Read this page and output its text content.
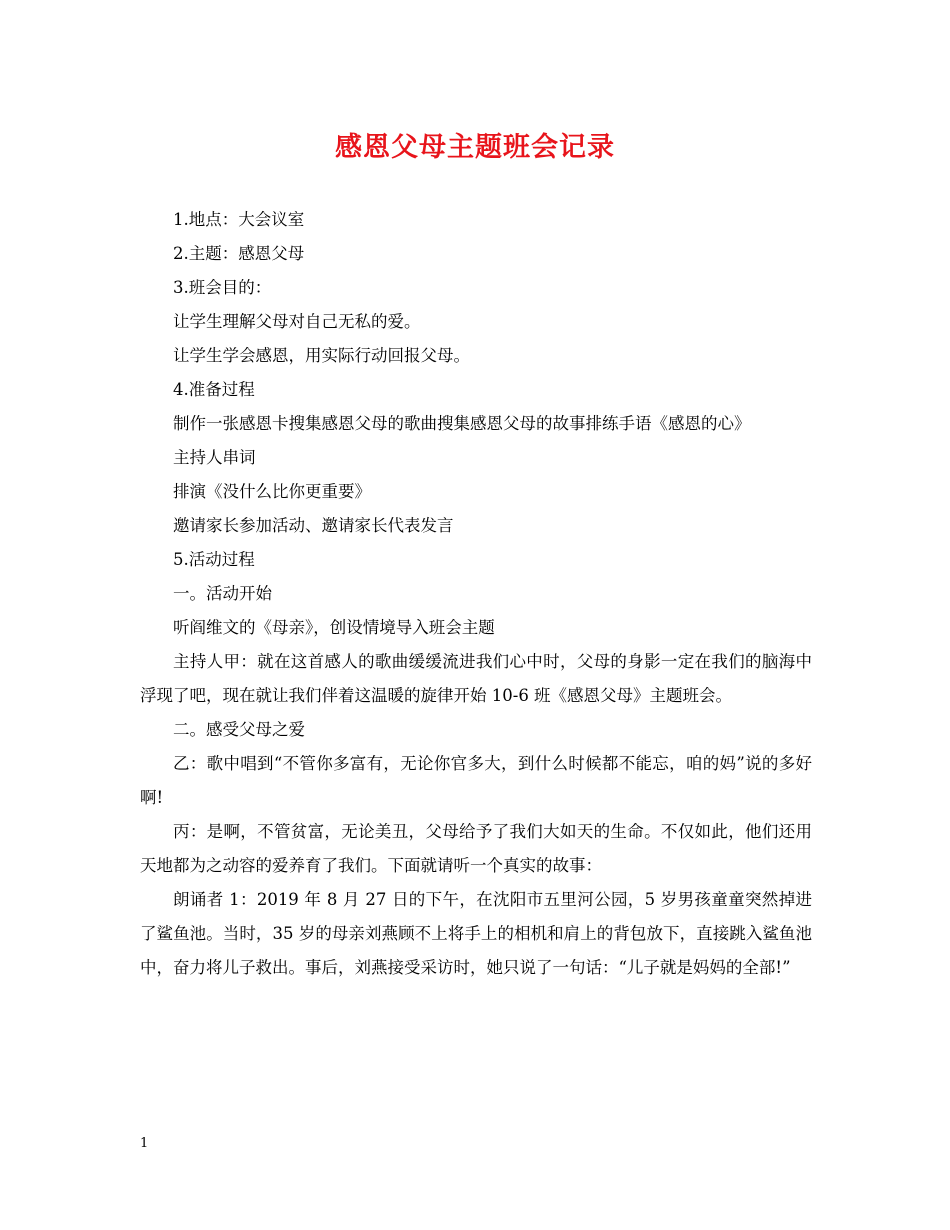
感恩父母主题班会记录

1.地点：大会议室

2.主题：感恩父母

3.班会目的：

让学生理解父母对自己无私的爱。

让学生学会感恩，用实际行动回报父母。

4.准备过程

制作一张感恩卡搜集感恩父母的歌曲搜集感恩父母的故事排练手语《感恩的心》

主持人串词

排演《没什么比你更重要》

邀请家长参加活动、邀请家长代表发言

5.活动过程

一。活动开始

听阎维文的《母亲》，创设情境导入班会主题

主持人甲：就在这首感人的歌曲缓缓流进我们心中时，父母的身影一定在我们的脑海中浮现了吧，现在就让我们伴着这温暖的旋律开始 10-6 班《感恩父母》主题班会。

二。感受父母之爱

乙：歌中唱到“不管你多富有，无论你官多大，到什么时候都不能忘，咱的妈”说的多好啊!

丙：是啊，不管贫富，无论美丑，父母给予了我们大如天的生命。不仅如此，他们还用天地都为之动容的爱养育了我们。下面就请听一个真实的故事：

朗诵者 1：2019 年 8 月 27 日的下午，在沈阳市五里河公园，5 岁男孩童童突然掉进了鲨鱼池。当时，35 岁的母亲刘燕顾不上将手上的相机和肩上的背包放下，直接跳入鲨鱼池中，奋力将儿子救出。事后，刘燕接受采访时，她只说了一句话：“儿子就是妈妈的全部!”

1
